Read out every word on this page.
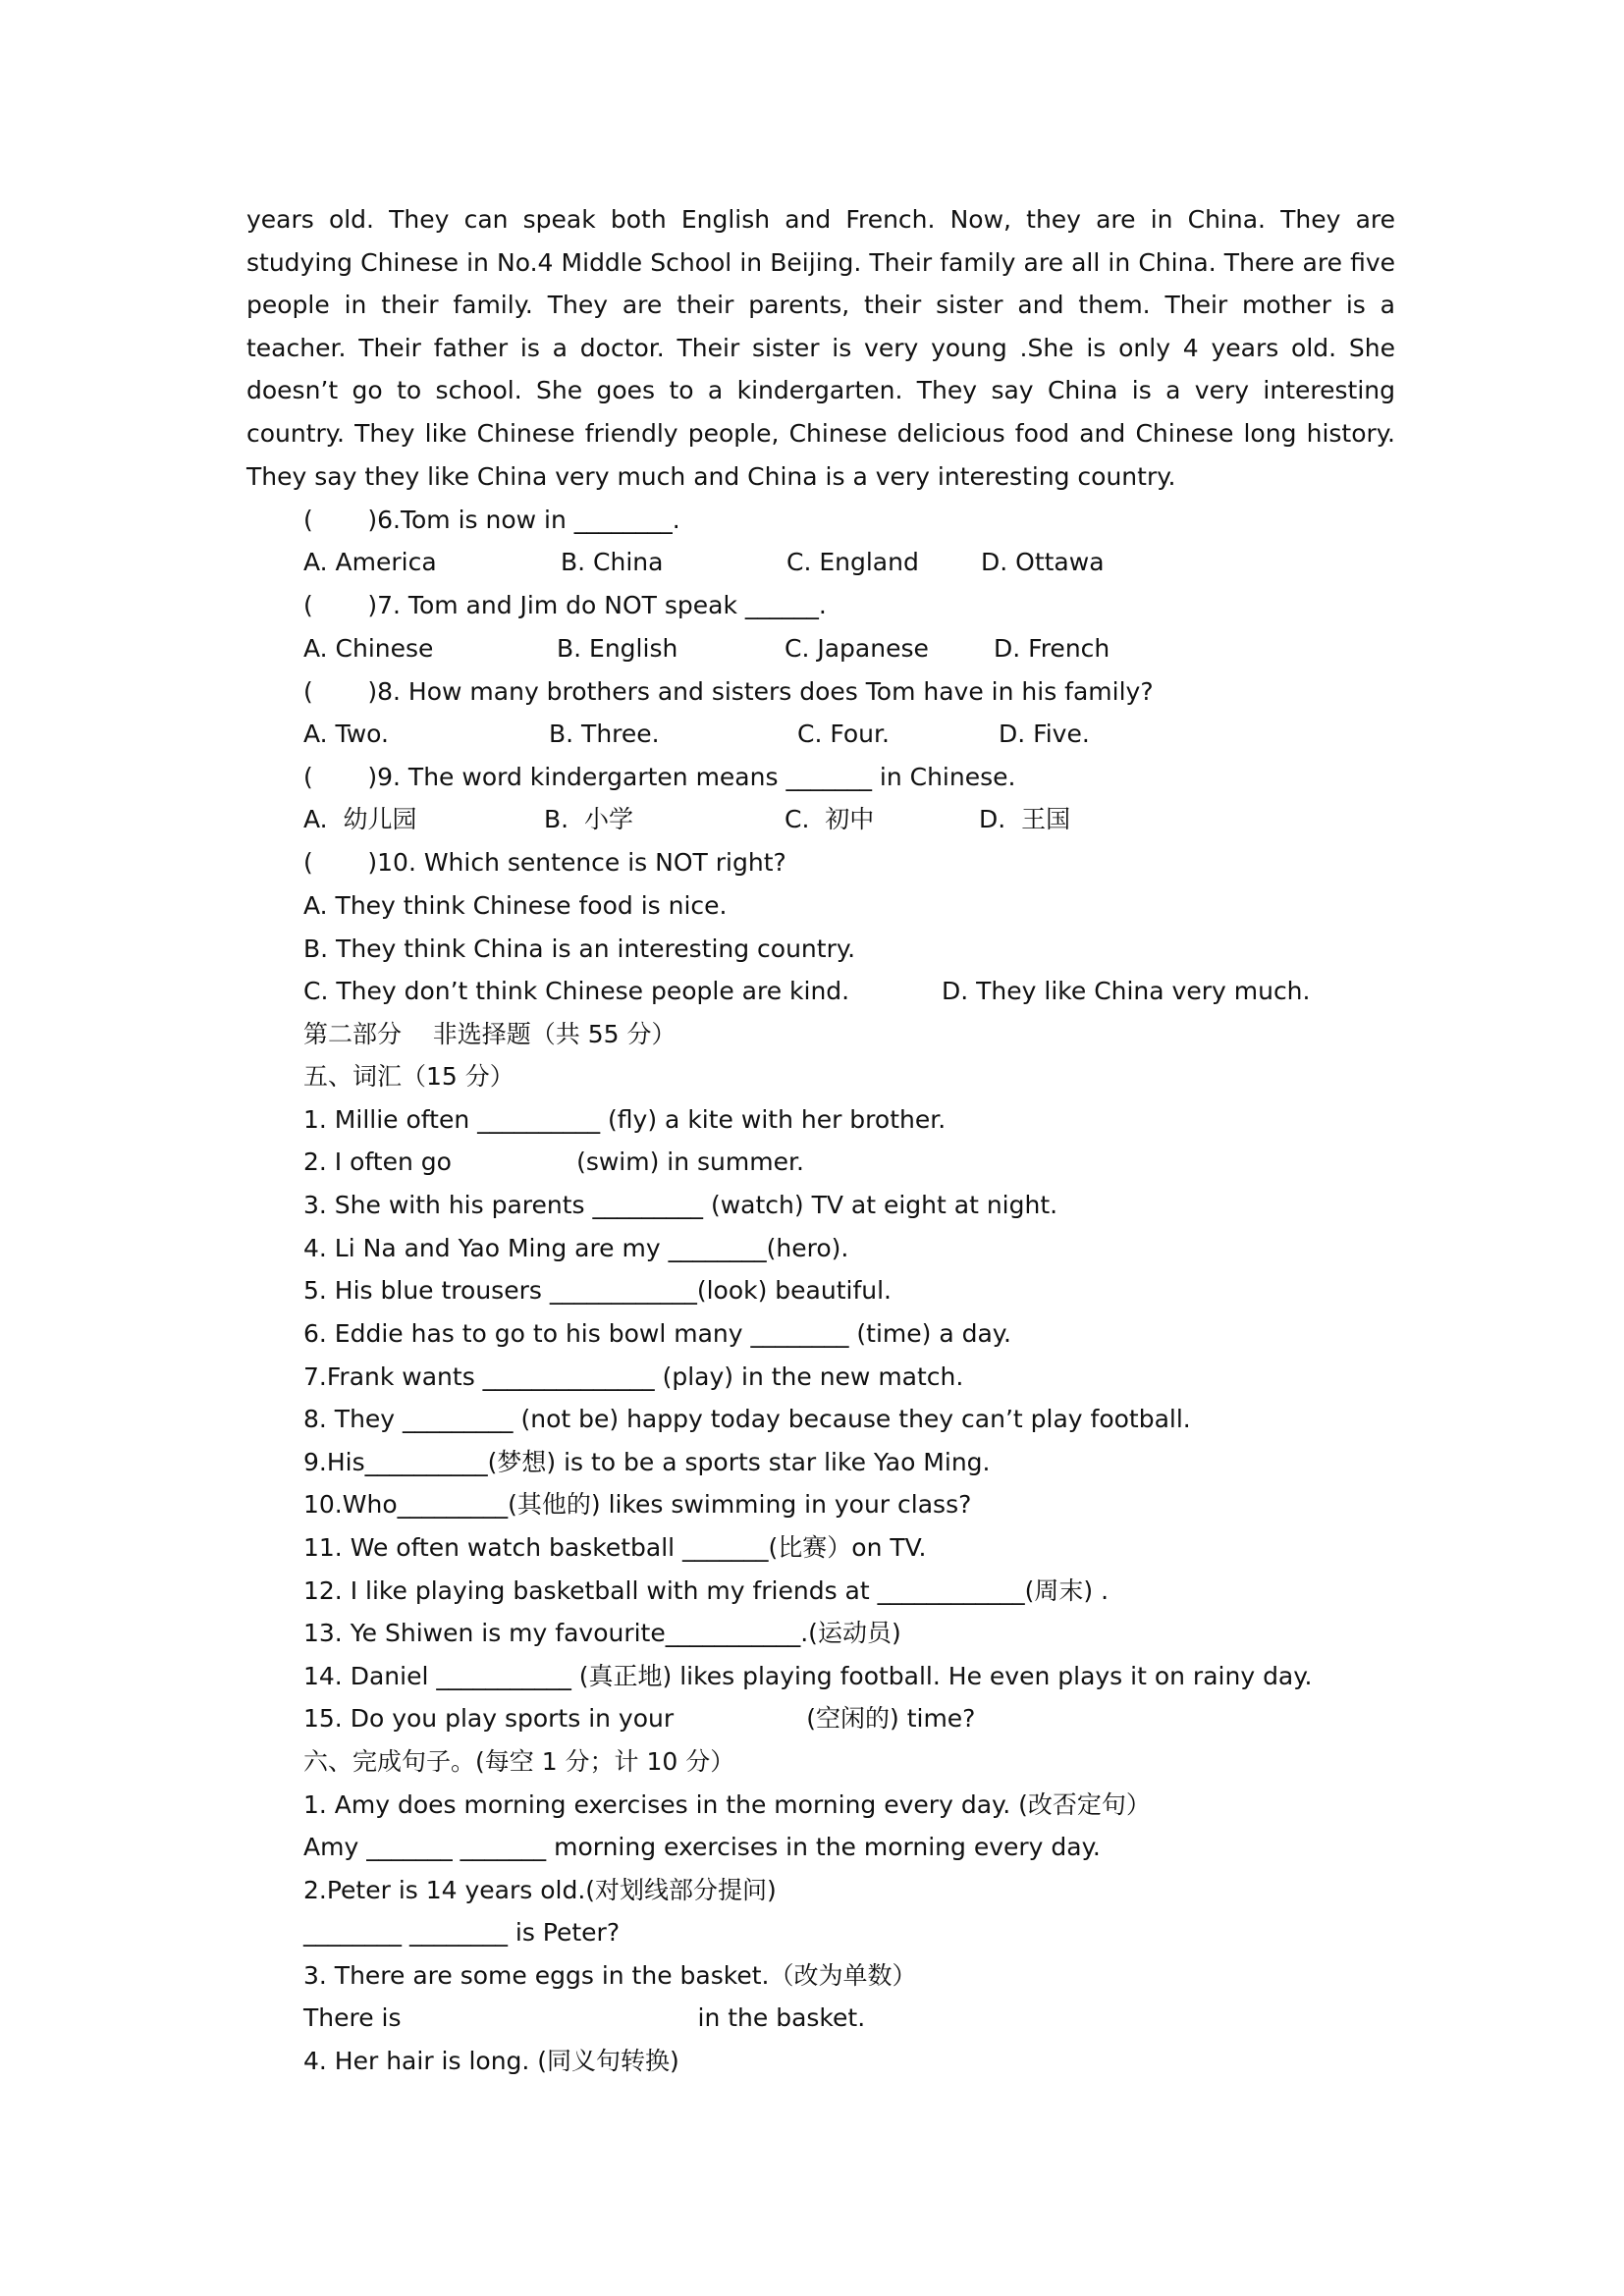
years old. They can speak both English and French. Now, they are in China. They are studying Chinese in No.4 Middle School in Beijing. Their family are all in China. There are five people in their family. They are their parents, their sister and them. Their mother is a teacher. Their father is a doctor. Their sister is very young .She is only 4 years old. She doesn’t go to school. She goes to a kindergarten. They say China is a very interesting country. They like Chinese friendly people, Chinese delicious food and Chinese long history. They say they like China very much and China is a very interesting country.

(       )6.Tom is now in ________.

A. America

	B. China

	C. England

	D. Ottawa

(       )7. Tom and Jim do NOT speak ______.

A. Chinese

	B. English

	C. Japanese

	D. French

(       )8. How many brothers and sisters does Tom have in his family?

A. Two.

	B. Three.

	C. Four.

	D. Five.

(       )9. The word kindergarten means _______ in Chinese.

A.  幼儿园

	B.  小学

	C.  初中

	D.  王国

(       )10. Which sentence is NOT right?
A. They think Chinese food is nice.
B. They think China is an interesting country.

C. They don’t think Chinese people are kind.

	D. They like China very much.

第二部分    非选择题（共 55 分）
五、词汇（15 分）
1. Millie often __________ (fly) a kite with her brother.
2. I often go                (swim) in summer.
3. She with his parents _________ (watch) TV at eight at night.
4. Li Na and Yao Ming are my ________(hero).
5. His blue trousers ____________(look) beautiful.
6. Eddie has to go to his bowl many ________ (time) a day.
7.Frank wants ______________ (play) in the new match.
8. They _________ (not be) happy today because they can’t play football.
9.His__________(梦想) is to be a sports star like Yao Ming.
10.Who_________(其他的) likes swimming in your class?
11. We often watch basketball _______(比赛）on TV.
12. I like playing basketball with my friends at ____________(周末) .
13. Ye Shiwen is my favourite___________.(运动员)
14. Daniel ___________ (真正地) likes playing football. He even plays it on rainy day.
15. Do you play sports in your                 (空闲的) time?
六、完成句子。(每空 1 分；计 10 分）
1. Amy does morning exercises in the morning every day. (改否定句）
Amy _______ _______ morning exercises in the morning every day.
2.Peter is 14 years old.(对划线部分提问)
________ ________ is Peter?
3. There are some eggs in the basket.（改为单数）
There is                                      in the basket.
4. Her hair is long. (同义句转换)
